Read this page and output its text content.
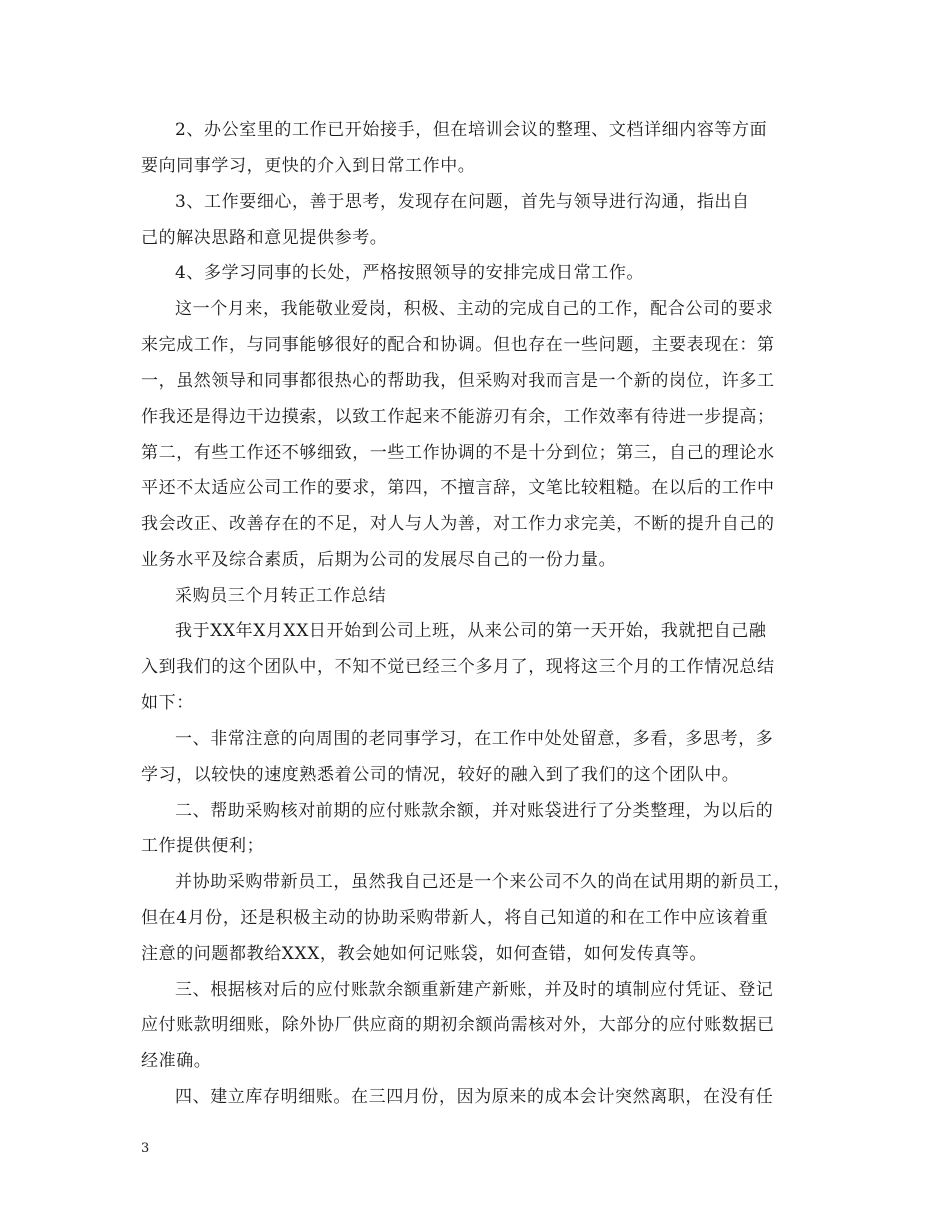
2、办公室里的工作已开始接手，但在培训会议的整理、文档详细内容等方面
要向同事学习，更快的介入到日常工作中。
3、工作要细心，善于思考，发现存在问题，首先与领导进行沟通，指出自
己的解决思路和意见提供参考。
4、多学习同事的长处，严格按照领导的安排完成日常工作。
这一个月来，我能敬业爱岗，积极、主动的完成自己的工作，配合公司的要求
来完成工作，与同事能够很好的配合和协调。但也存在一些问题，主要表现在：第
一，虽然领导和同事都很热心的帮助我，但采购对我而言是一个新的岗位，许多工
作我还是得边干边摸索，以致工作起来不能游刃有余，工作效率有待进一步提高；
第二，有些工作还不够细致，一些工作协调的不是十分到位；第三，自己的理论水
平还不太适应公司工作的要求，第四，不擅言辞，文笔比较粗糙。在以后的工作中
我会改正、改善存在的不足，对人与人为善，对工作力求完美，不断的提升自己的
业务水平及综合素质，后期为公司的发展尽自己的一份力量。
采购员三个月转正工作总结
我于XX年X月XX日开始到公司上班，从来公司的第一天开始，我就把自己融
入到我们的这个团队中，不知不觉已经三个多月了，现将这三个月的工作情况总结
如下：
一、非常注意的向周围的老同事学习，在工作中处处留意，多看，多思考，多
学习，以较快的速度熟悉着公司的情况，较好的融入到了我们的这个团队中。
二、帮助采购核对前期的应付账款余额，并对账袋进行了分类整理，为以后的
工作提供便利；
并协助采购带新员工，虽然我自己还是一个来公司不久的尚在试用期的新员工，
但在4月份，还是积极主动的协助采购带新人，将自己知道的和在工作中应该着重
注意的问题都教给XXX，教会她如何记账袋，如何查错，如何发传真等。
三、根据核对后的应付账款余额重新建产新账，并及时的填制应付凭证、登记
应付账款明细账，除外协厂供应商的期初余额尚需核对外，大部分的应付账数据已
经准确。
四、建立库存明细账。在三四月份，因为原来的成本会计突然离职，在没有任
3
